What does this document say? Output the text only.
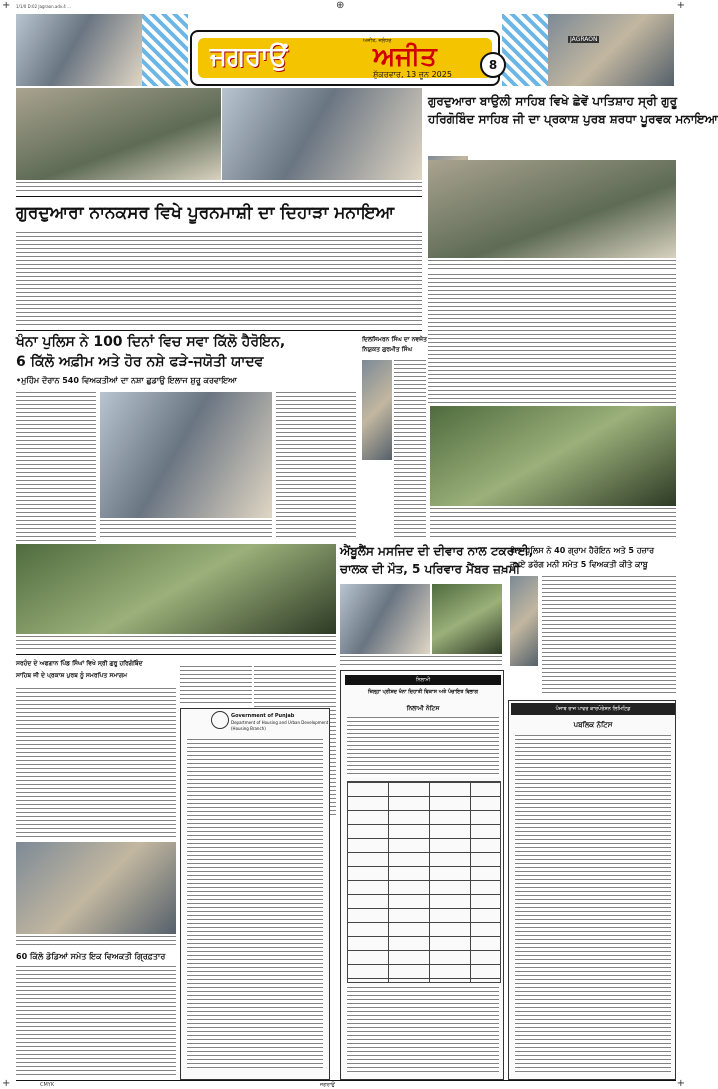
1/1/0 D:02 Jagraon.adv.4 ...
+	⊕	+
+	+
JAGRAON
ਜਗਰਾਉਂ
ਅਜੀਤ, ਜਲੰਧਰ
ਅਜੀਤ
ਸ਼ੁੱਕਰਵਾਰ, 13 ਜੂਨ 2025
8
ਗੁਰਦੁਆਰਾ ਬਾਉਲੀ ਸਾਹਿਬ ਵਿਖੇ ਛੇਵੇਂ ਪਾਤਿਸ਼ਾਹ ਸ੍ਰੀ ਗੁਰੂ
ਹਰਿਗੋਬਿੰਦ ਸਾਹਿਬ ਜੀ ਦਾ ਪ੍ਰਕਾਸ਼ ਪੁਰਬ ਸ਼ਰਧਾ ਪੂਰਵਕ ਮਨਾਇਆ
ਗੁਰਦੁਆਰਾ ਨਾਨਕਸਰ ਵਿਖੇ ਪੂਰਨਮਾਸ਼ੀ ਦਾ ਦਿਹਾੜਾ ਮਨਾਇਆ
ਖੰਨਾ ਪੁਲਿਸ ਨੇ 100 ਦਿਨਾਂ ਵਿਚ ਸਵਾ ਕਿੱਲੋ ਹੈਰੋਇਨ,
6 ਕਿੱਲੋ ਅਫ਼ੀਮ ਅਤੇ ਹੋਰ ਨਸ਼ੇ ਫੜੇ-ਜਯੋਤੀ ਯਾਦਵ
•ਮੁਹਿੰਮ ਦੌਰਾਨ 540 ਵਿਅਕਤੀਆਂ ਦਾ ਨਸ਼ਾ ਛੁਡਾਉ ਇਲਾਜ ਸ਼ੁਰੂ ਕਰਵਾਇਆ
ਦਿਲਸਿਮਰਨ ਸਿੰਘ ਦਾ ਨਵਜੋਤ
ਨਿਯੁਕਤ ਗੁਰਮੀਤ ਸਿੰਘ
ਐਂਬੂਲੈਂਸ ਮਸਜਿਦ ਦੀ ਦੀਵਾਰ ਨਾਲ ਟਕਰਾਈ,
ਚਾਲਕ ਦੀ ਮੌਤ, 5 ਪਰਿਵਾਰ ਮੈਂਬਰ ਜ਼ਖ਼ਮੀ
ਖੰਨਾ ਪੁਲਿਸ ਨੇ 40 ਗ੍ਰਾਮ ਹੈਰੋਇਨ ਅਤੇ 5 ਹਜ਼ਾਰ
ਰੁਪਏ ਡਰੱਗ ਮਨੀ ਸਮੇਤ 5 ਵਿਅਕਤੀ ਕੀਤੇ ਕਾਬੂ
ਸਰਹੰਦ ਦੇ ਅਫਗਾਨ ਪਿੰਡ ਸਿੰਘਾਂ ਵਿਖੇ ਸ੍ਰੀ ਗੁਰੂ ਹਰਿਗੋਬਿੰਦ
ਸਾਹਿਬ ਜੀ ਦੇ ਪ੍ਰਕਾਸ਼ ਪੁਰਬ ਨੂੰ ਸਮਰਪਿਤ ਸਮਾਗਮ
Government of Punjab
Department of Housing and Urban Development
(Housing Branch)
ਨਿਲਾਮੀ
ਜ਼ਿਲ੍ਹਾ ਪ੍ਰੀਸ਼ਦ ਖੰਨਾ ਦਿਹਾਤੀ ਵਿਕਾਸ ਅਤੇ ਪੰਚਾਇਤ ਵਿਭਾਗ
ਨਿਲਾਮੀ ਨੋਟਿਸ	ਪੰਜਾਬ ਰਾਜ ਪਾਵਰ ਕਾਰਪੋਰੇਸ਼ਨ ਲਿਮਿਟਿਡ
ਪਬਲਿਕ ਨੋਟਿਸ
60 ਕਿੱਲੋ ਡੋਡਿਆਂ ਸਮੇਤ ਇਕ ਵਿਅਕਤੀ ਗ੍ਰਿਫ਼ਤਾਰ
CMYK	ਜਗਰਾਉਂ
